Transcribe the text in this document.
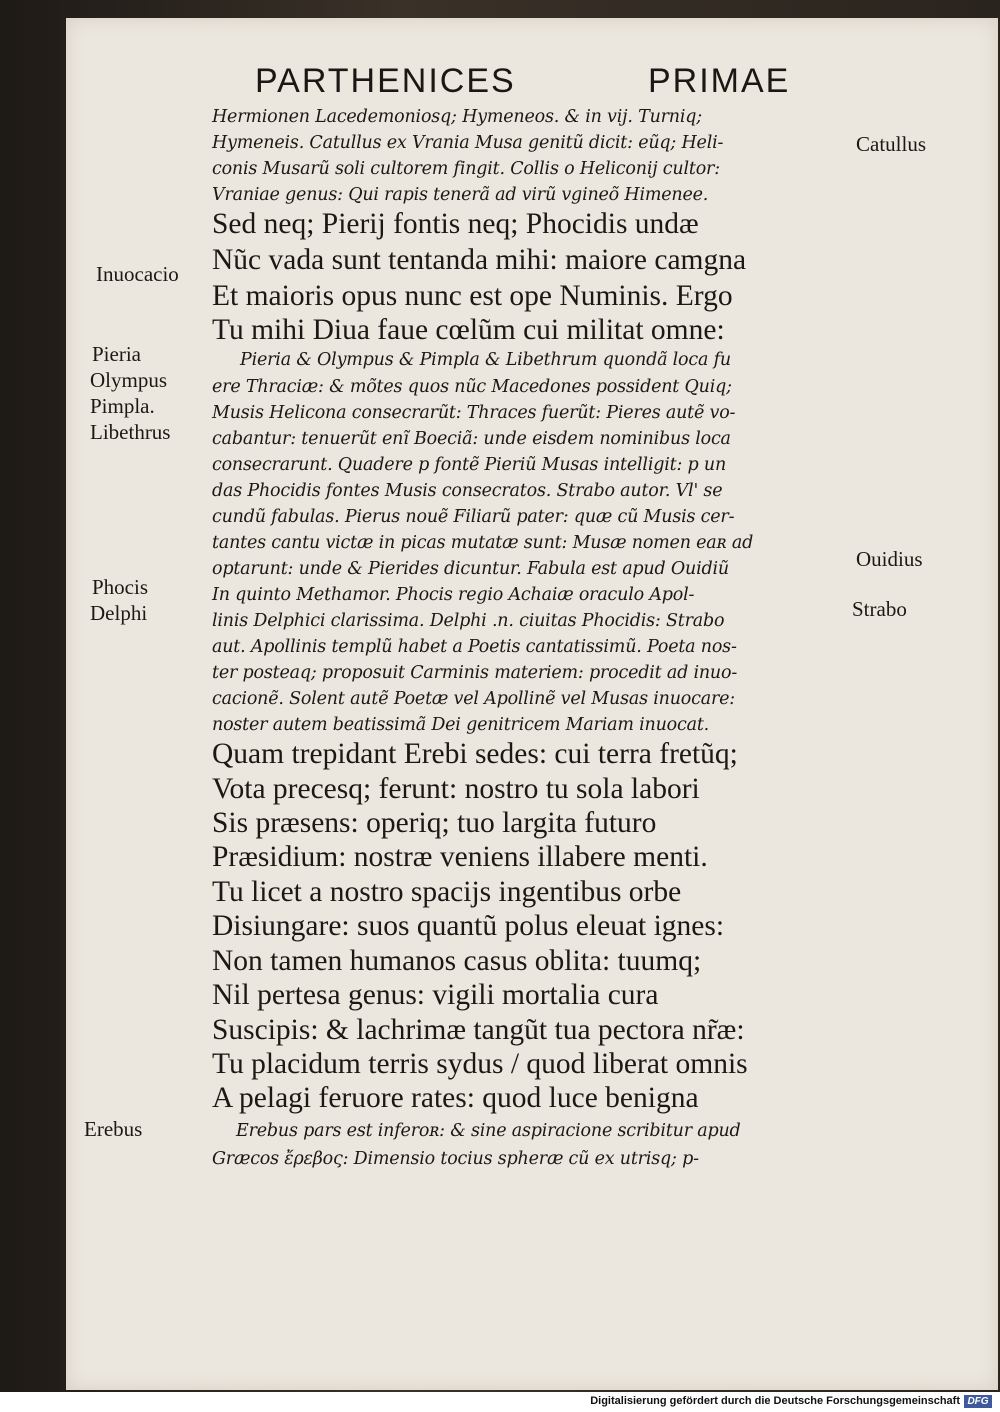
PARTHENICES	PRIMAE
Catullus
Inuocacio
Pieria
Olympus
Pimpla.
Libethrus
Ouidius
Phocis
Delphi	Strabo
Erebus
Hermionen Lacedemoniosq; Hymeneos. & in vij. Turniq;
Hymeneis. Catullus ex Vrania Musa genitũ dicit: eũq; Heli-
conis Musarũ soli cultorem fingit. Collis o Heliconij cultor:
Vraniae genus: Qui rapis tenerã ad virũ vgineõ Himenee.
Sed neq; Pierij fontis neq; Phocidis undæ
Nũc vada sunt tentanda mihi: maiore camgna
Et maioris opus nunc est ope Numinis. Ergo
Tu mihi Diua faue cœlũm cui militat omne:
Pieria & Olympus & Pimpla & Libethrum quondã loca fu
ere Thraciæ: & mõtes quos nũc Macedones possident Quiq;
Musis Helicona consecrarũt: Thraces fuerũt: Pieres autẽ vo-
cabantur: tenuerũt enĩ Boeciã: unde eisdem nominibus loca
consecrarunt. Quadere p fontẽ Pieriũ Musas intelligit: p un
das Phocidis fontes Musis consecratos. Strabo autor. Vl' se
cundũ fabulas. Pierus nouẽ Filiarũ pater: quæ cũ Musis cer-
tantes cantu victæ in picas mutatæ sunt: Musæ nomen eaʀ ad
optarunt: unde & Pierides dicuntur. Fabula est apud Ouidiũ
In quinto Methamor. Phocis regio Achaiæ oraculo Apol-
linis Delphici clarissima. Delphi .n. ciuitas Phocidis: Strabo
aut. Apollinis templũ habet a Poetis cantatissimũ. Poeta nos-
ter posteaq; proposuit Carminis materiem: procedit ad inuo-
cacionẽ. Solent autẽ Poetæ vel Apollinẽ vel Musas inuocare:
noster autem beatissimã Dei genitricem Mariam inuocat.
Quam trepidant Erebi sedes: cui terra fretũq;
Vota precesq; ferunt: nostro tu sola labori
Sis præsens: operiq; tuo largita futuro
Præsidium: nostræ veniens illabere menti.
Tu licet a nostro spacijs ingentibus orbe
Disiungare: suos quantũ polus eleuat ignes:
Non tamen humanos casus oblita: tuumq;
Nil pertesa genus: vigili mortalia cura
Suscipis: & lachrimæ tangũt tua pectora nr̃æ:
Tu placidum terris sydus / quod liberat omnis
A pelagi feruore rates: quod luce benigna
Erebus pars est inferoʀ: & sine aspiracione scribitur apud
Græcos ἔρεβος: Dimensio tocius spheræ cũ ex utrisq; p-
Digitalisierung gefördert durch die Deutsche Forschungsgemeinschaft DFG
